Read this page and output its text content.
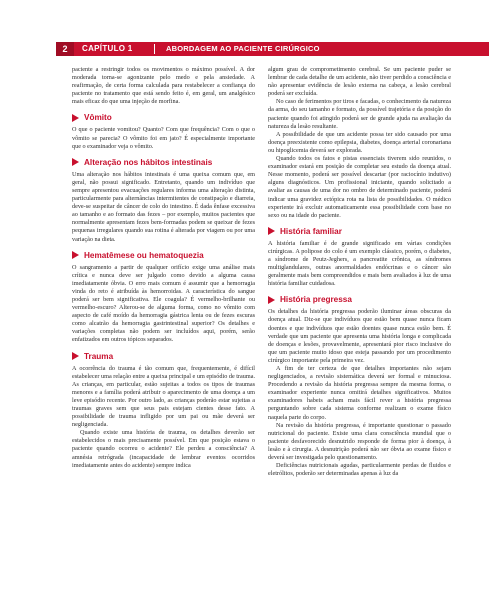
2	CAPÍTULO 1	ABORDAGEM AO PACIENTE CIRÚRGICO

paciente a restringir todos os movimentos o máximo possível. A dor moderada torna-se agonizante pelo medo e pela ansiedade. A reafirmação, de certa forma calculada para restabelecer a confiança do paciente no tratamento que está sendo feito é, em geral, um analgésico mais eficaz do que uma injeção de morfina.

Vômito

O que o paciente vomitou? Quanto? Com que frequência? Com o que o vômito se parecia? O vômito foi em jato? É especialmente importante que o examinador veja o vômito.

Alteração nos hábitos intestinais

Uma alteração nos hábitos intestinais é uma queixa comum que, em geral, não possui significado. Entretanto, quando um indivíduo que sempre apresentou evacuações regulares informa uma alteração distinta, particularmente para alternâncias intermitentes de constipação e diarreia, deve-se suspeitar de câncer de colo do intestino. É dada ênfase excessiva ao tamanho e ao formato das fezes – por exemplo, muitos pacientes que normalmente apresentam fezes bem-formadas podem se queixar de fezes pequenas irregulares quando sua rotina é alterada por viagem ou por uma variação na dieta.

Hematêmese ou hematoquezia

O sangramento a partir de qualquer orifício exige uma análise mais crítica e nunca deve ser julgado como devido a alguma causa imediatamente óbvia. O erro mais comum é assumir que a hemorragia vinda do reto é atribuída às hemorroidas. A característica do sangue poderá ser bem significativa. Ele coagula? É vermelho-brilhante ou vermelho-escuro? Alterou-se de alguma forma, como no vômito com aspecto de café moído da hemorragia gástrica lenta ou de fezes escuras como alcatrão da hemorragia gastrintestinal superior? Os detalhes e variações completas não podem ser incluídos aqui, porém, serão enfatizados em outros tópicos separados.

Trauma

A ocorrência do trauma é tão comum que, frequentemente, é difícil estabelecer uma relação entre a queixa principal e um episódio de trauma. As crianças, em particular, estão sujeitas a todos os tipos de traumas menores e a família poderá atribuir o aparecimento de uma doença a um leve episódio recente. Por outro lado, as crianças poderão estar sujeitas a traumas graves sem que seus pais estejam cientes desse fato. A possibilidade de trauma infligido por um pai ou mãe deverá ser negligenciada.

Quando existe uma história de trauma, os detalhes deverão ser estabelecidos o mais precisamente possível. Em que posição estava o paciente quando ocorreu o acidente? Ele perdeu a consciência? A amnésia retrógrada (incapacidade de lembrar eventos ocorridos imediatamente antes do acidente) sempre indica

algum grau de comprometimento cerebral. Se um paciente puder se lembrar de cada detalhe de um acidente, não tiver perdido a consciência e não apresentar evidência de lesão externa na cabeça, a lesão cerebral poderá ser excluída.

No caso de ferimentos por tiros e facadas, o conhecimento da natureza da arma, do seu tamanho e formato, da possível trajetória e da posição do paciente quando foi atingido poderá ser de grande ajuda na avaliação da natureza da lesão resultante.

A possibilidade de que um acidente possa ter sido causado por uma doença preexistente como epilepsia, diabetes, doença arterial coronariana ou hipoglicemia deverá ser explorada.

Quando todos os fatos e pistas essenciais tiverem sido reunidos, o examinador estará em posição de completar seu estudo da doença atual. Nesse momento, poderá ser possível descartar (por raciocínio indutivo) alguns diagnósticos. Um profissional iniciante, quando solicitado a avaliar as causas de uma dor no ombro de determinado paciente, poderá indicar uma gravidez ectópica rota na lista de possibilidades. O médico experiente irá excluir automaticamente essa possibilidade com base no sexo ou na idade do paciente.

História familiar

A história familiar é de grande significado em várias condições cirúrgicas. A polipose do colo é um exemplo clássico, porém, o diabetes, a síndrome de Peutz-Jeghers, a pancreatite crônica, as síndromes multiglandulares, outras anormalidades endócrinas e o câncer são geralmente mais bem compreendidos e mais bem avaliados à luz de uma história familiar cuidadosa.

História pregressa

Os detalhes da história pregressa poderão iluminar áreas obscuras da doença atual. Diz-se que indivíduos que estão bem quase nunca ficam doentes e que indivíduos que estão doentes quase nunca estão bem. É verdade que um paciente que apresenta uma história longa e complicada de doenças e lesões, provavelmente, apresentará pior risco inclusive do que um paciente muito idoso que esteja passando por um procedimento cirúrgico importante pela primeira vez.

A fim de ter certeza de que detalhes importantes não sejam negligenciados, a revisão sistemática deverá ser formal e minuciosa. Procedendo a revisão da história pregressa sempre da mesma forma, o examinador experiente nunca omitirá detalhes significativos. Muitos examinadores habeis acham mais fácil rever a história pregressa perguntando sobre cada sistema conforme realizam o exame físico naquela parte do corpo.

Na revisão da história pregressa, é importante questionar o passado nutricional do paciente. Existe uma clara consciência mundial que o paciente desfavorecido desnutrido responde de forma pior à doença, à lesão e à cirurgia. A desnutrição poderá não ser óbvia ao exame físico e deverá ser investigada pelo questionamento.

Deficiências nutricionais agudas, particularmente perdas de fluidos e eletrólitos, poderão ser determinadas apenas à luz da
